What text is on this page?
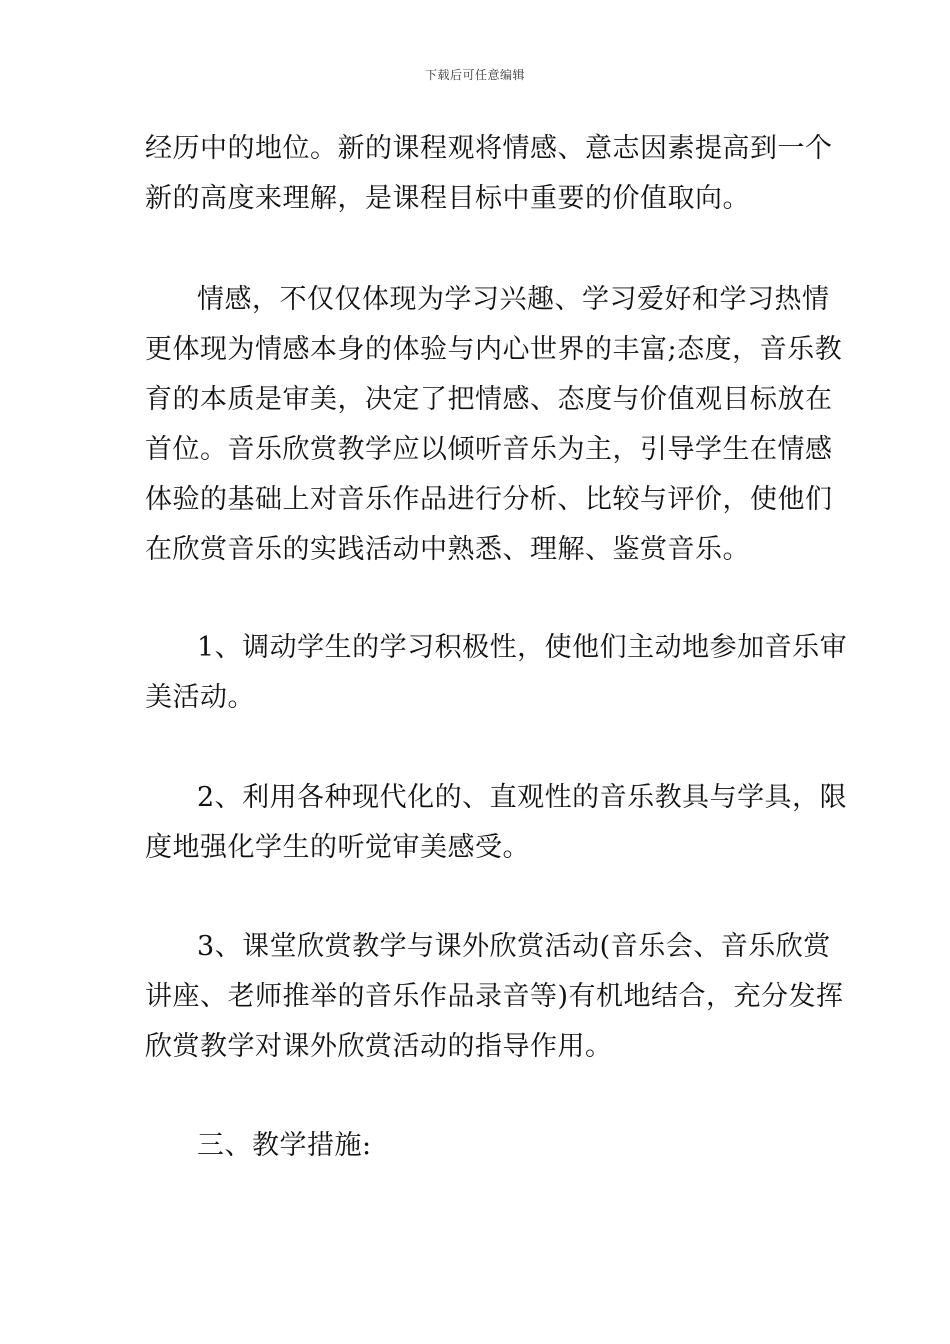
下载后可任意编辑
经历中的地位。新的课程观将情感、意志因素提高到一个
新的高度来理解，是课程目标中重要的价值取向。
情感，不仅仅体现为学习兴趣、学习爱好和学习热情
更体现为情感本身的体验与内心世界的丰富;态度，音乐教
育的本质是审美，决定了把情感、态度与价值观目标放在
首位。音乐欣赏教学应以倾听音乐为主，引导学生在情感
体验的基础上对音乐作品进行分析、比较与评价，使他们
在欣赏音乐的实践活动中熟悉、理解、鉴赏音乐。
1、调动学生的学习积极性，使他们主动地参加音乐审
美活动。
2、利用各种现代化的、直观性的音乐教具与学具，限
度地强化学生的听觉审美感受。
3、课堂欣赏教学与课外欣赏活动(音乐会、音乐欣赏
讲座、老师推举的音乐作品录音等)有机地结合，充分发挥
欣赏教学对课外欣赏活动的指导作用。
三、教学措施:
